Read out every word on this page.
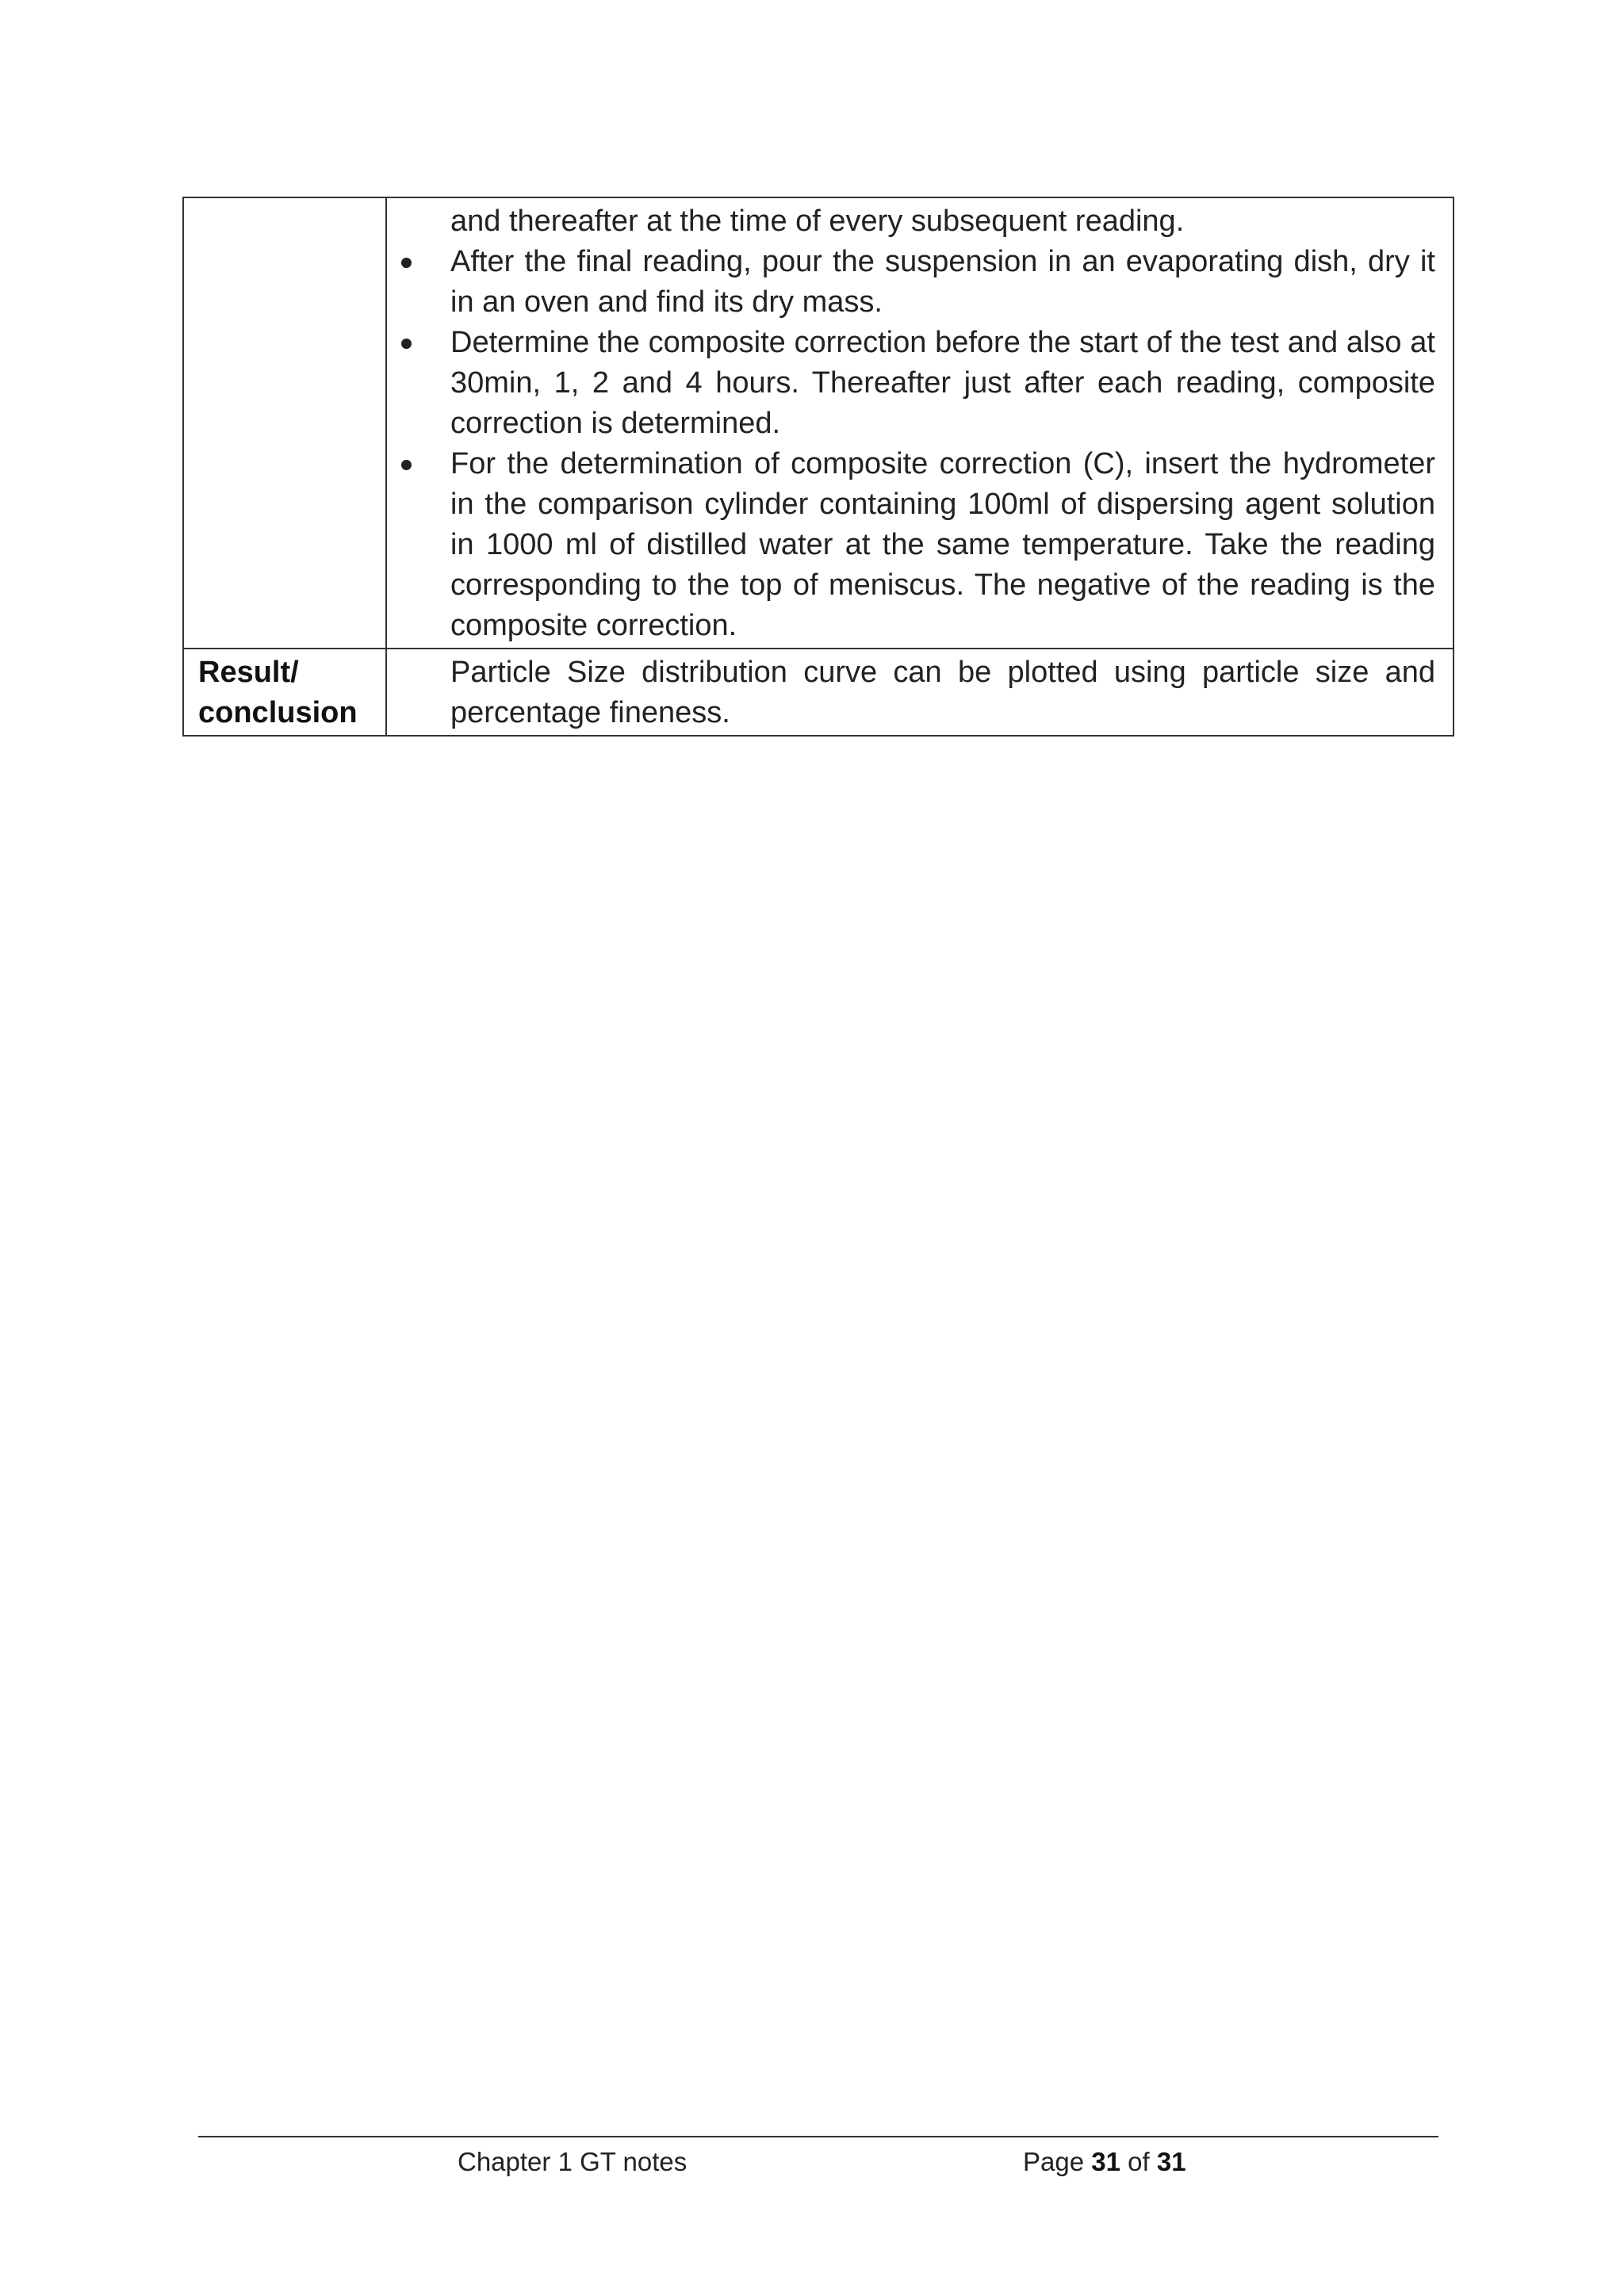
	and thereafter at the time of every subsequent reading.

After the final reading, pour the suspension in an evaporating dish, dry it in an oven and find its dry mass.

Determine the composite correction before the start of the test and also at 30min, 1, 2 and 4 hours. Thereafter just after each reading, composite correction is determined.

For the determination of composite correction (C), insert the hydrometer in the comparison cylinder containing 100ml of dispersing agent solution in 1000 ml of distilled water at the same temperature. Take the reading corresponding to the top of meniscus. The negative of the reading is the composite correction.

Result/
conclusion	Particle Size distribution curve can be plotted using particle size and percentage fineness.

Chapter 1 GT notes	Page 31 of 31
